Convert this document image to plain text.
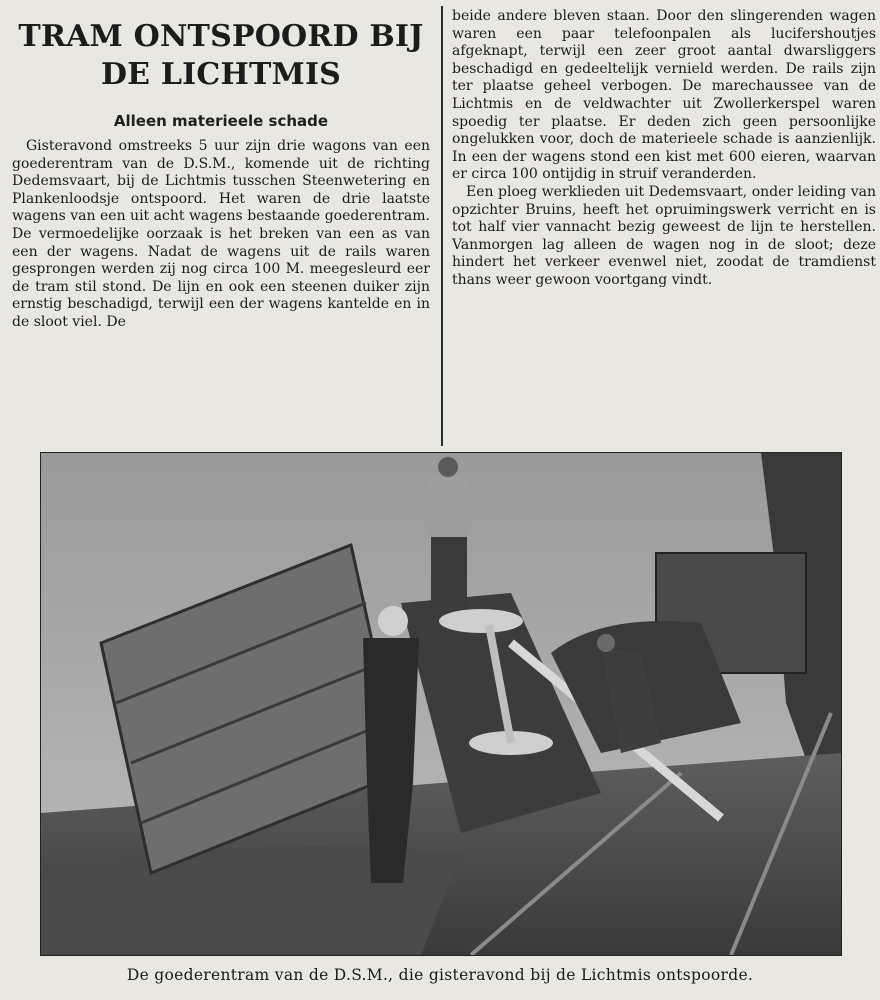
TRAM ONTSPOORD BIJ
DE LICHTMIS
Alleen materieele schade

Gisteravond omstreeks 5 uur zijn drie wagons van een goederentram van de D.S.M., komende uit de richting Dedemsvaart, bij de Lichtmis tusschen Steenwetering en Plankenloodsje ontspoord. Het waren de drie laatste wagens van een uit acht wagens bestaande goederentram. De vermoedelijke oorzaak is het breken van een as van een der wagens. Nadat de wagens uit de rails waren gesprongen werden zij nog circa 100 M. meegesleurd eer de tram stil stond. De lijn en ook een steenen duiker zijn ernstig beschadigd, terwijl een der wagens kantelde en in de sloot viel. De

beide andere bleven staan. Door den slingerenden wagen waren een paar telefoonpalen als lucifershoutjes afgeknapt, terwijl een zeer groot aantal dwarsliggers beschadigd en gedeeltelijk vernield werden. De rails zijn ter plaatse geheel verbogen. De marechaussee van de Lichtmis en de veldwachter uit Zwollerkerspel waren spoedig ter plaatse. Er deden zich geen persoonlijke ongelukken voor, doch de materieele schade is aanzienlijk. In een der wagens stond een kist met 600 eieren, waarvan er circa 100 ontijdig in struif veranderden.

Een ploeg werklieden uit Dedemsvaart, onder leiding van opzichter Bruins, heeft het opruimingswerk verricht en is tot half vier vannacht bezig geweest de lijn te herstellen. Vanmorgen lag alleen de wagen nog in de sloot; deze hindert het verkeer evenwel niet, zoodat de tramdienst thans weer gewoon voortgang vindt.

De goederentram van de D.S.M., die gisteravond bij de Lichtmis ontspoorde.
